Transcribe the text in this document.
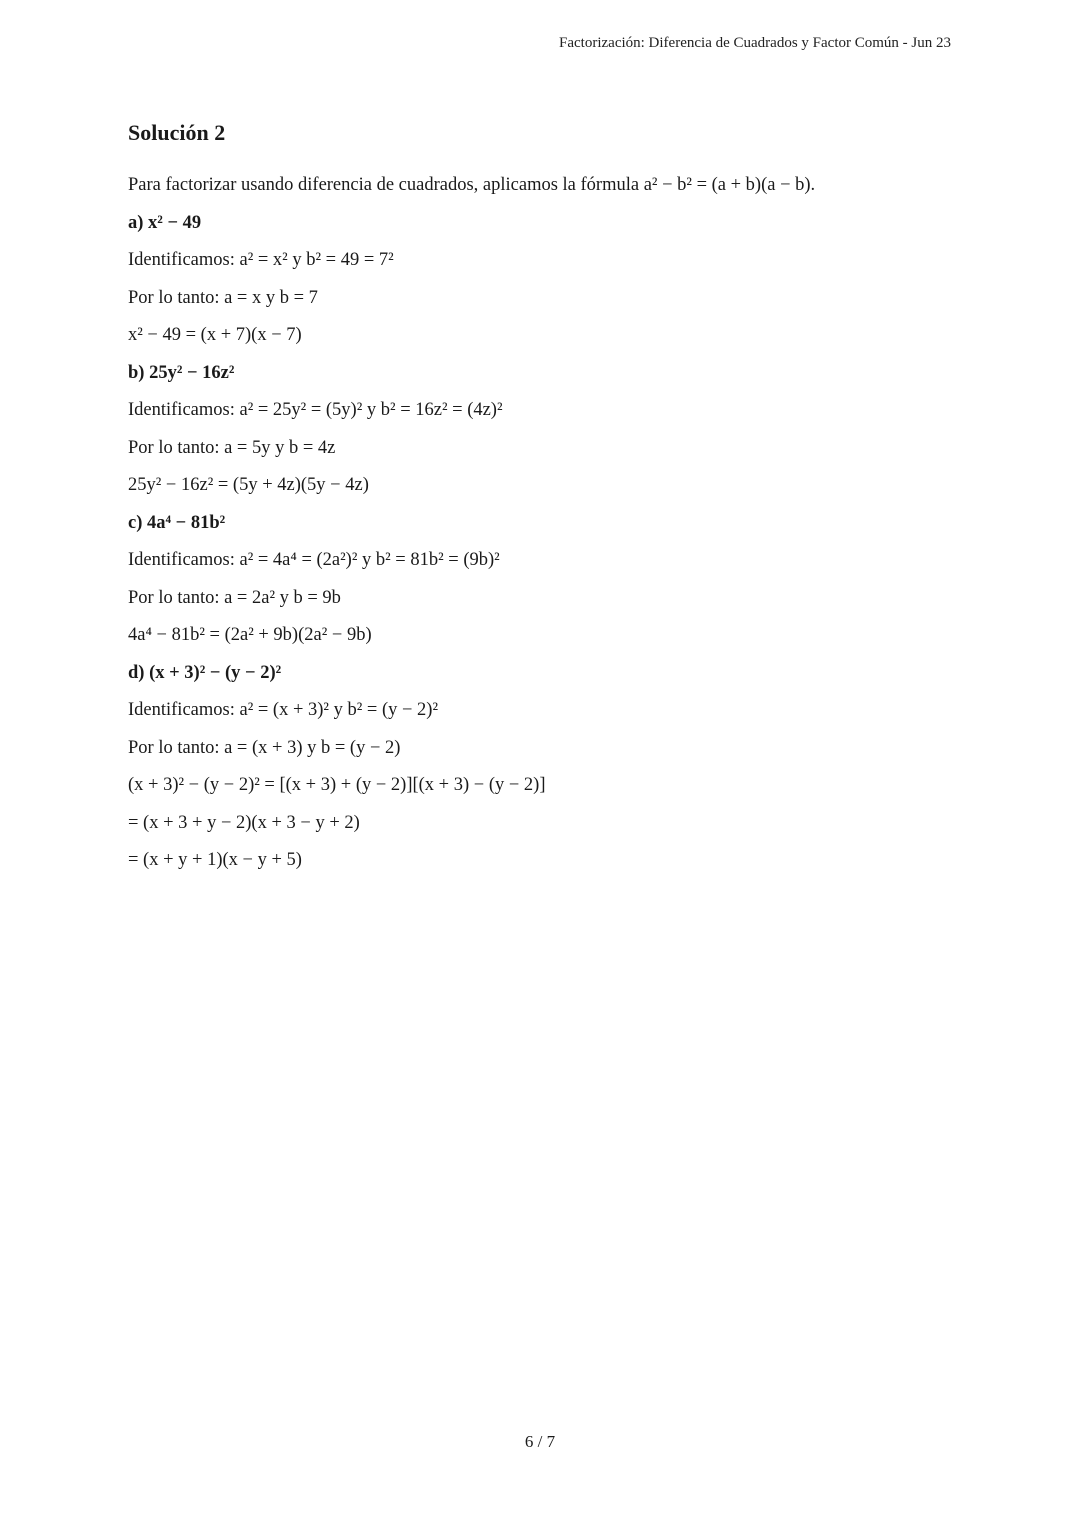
Factorización: Diferencia de Cuadrados y Factor Común - Jun 23
Solución 2
Para factorizar usando diferencia de cuadrados, aplicamos la fórmula a² − b² = (a + b)(a − b).
a) x² − 49
Identificamos: a² = x² y b² = 49 = 7²
Por lo tanto: a = x y b = 7
x² − 49 = (x + 7)(x − 7)
b) 25y² − 16z²
Identificamos: a² = 25y² = (5y)² y b² = 16z² = (4z)²
Por lo tanto: a = 5y y b = 4z
25y² − 16z² = (5y + 4z)(5y − 4z)
c) 4a⁴ − 81b²
Identificamos: a² = 4a⁴ = (2a²)² y b² = 81b² = (9b)²
Por lo tanto: a = 2a² y b = 9b
4a⁴ − 81b² = (2a² + 9b)(2a² − 9b)
d) (x + 3)² − (y − 2)²
Identificamos: a² = (x + 3)² y b² = (y − 2)²
Por lo tanto: a = (x + 3) y b = (y − 2)
(x + 3)² − (y − 2)² = [(x + 3) + (y − 2)][(x + 3) − (y − 2)]
= (x + 3 + y − 2)(x + 3 − y + 2)
= (x + y + 1)(x − y + 5)
6 / 7
